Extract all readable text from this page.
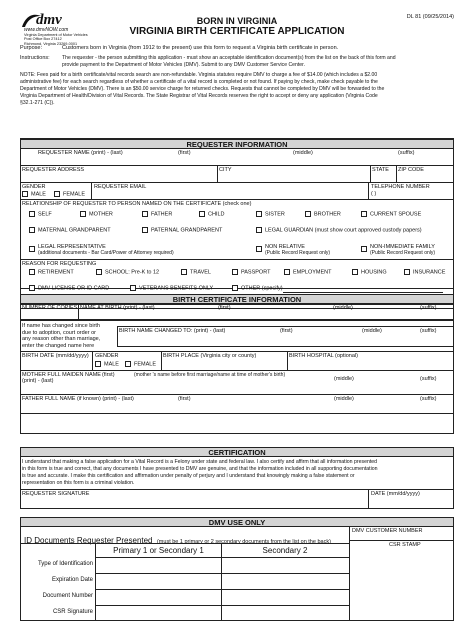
dmv
www.dmvNOW.com
Virginia Department of Motor Vehicles
Post Office Box 27412
Richmond, Virginia 23269-0001
DL 81 (09/25/2014)
BORN IN VIRGINIA
VIRGINIA BIRTH CERTIFICATE APPLICATION
Purpose:	Customers born in Virginia (from 1912 to the present) use this form to request a Virginia birth certificate in person.
Instructions: The requester - the person submitting this application - must show an acceptable identification document(s) from the list on the back of this form and
provide payment to the Department of Motor Vehicles (DMV). Submit to any DMV Customer Service Center.
NOTE: Fees paid for a birth certificate/vital records search are non-refundable. Virginia statutes require DMV to charge a fee of $14.00 (which includes a $2.00
administrative fee) for each search regardless of whether a certificate of a vital record is completed or not found. If paying by check, make check payable to the
Department of Motor Vehicles (DMV). There is an $50.00 service charge for returned checks. Requests that cannot be completed by DMV will be forwarded to the
Virginia Department of Health/Division of Vital Records. The State Registrar of Vital Records reserves the right to accept or deny any application (Virginia Code
§32.1-271 (C)).
REQUESTER INFORMATION
REQUESTER NAME (print) - (last)	(first)	(middle)	(suffix)
REQUESTER ADDRESS	CITY	STATE ZIP CODE
GENDER
MALE	FEMALE
REQUESTER EMAIL	TELEPHONE NUMBER
( )
RELATIONSHIP OF REQUESTER TO PERSON NAMED ON THE CERTIFICATE (check one)
SELF	MOTHER	FATHER	CHILD	SISTER	BROTHER	CURRENT SPOUSE
MATERNAL GRANDPARENT	PATERNAL GRANDPARENT	LEGAL GUARDIAN (must show court approved custody papers)
LEGAL REPRESENTATIVE
(additional documents - Bar Card/Power of Attorney required)
NON RELATIVE
(Public Record Request only)
NON-IMMEDIATE FAMILY
(Public Record Request only)
REASON FOR REQUESTING
RETIREMENT	SCHOOL: Pre-K to 12	TRAVEL	PASSPORT	EMPLOYMENT	HOUSING	INSURANCE
DMV LICENSE OR ID CARD	VETERANS BENEFITS ONLY	OTHER (specify)
BIRTH CERTIFICATE INFORMATION
NUMBER OF COPIES NAME AT BIRTH (print) - (last)	(first)	(middle)	(suffix)
If name has changed since birth
due to adoption, court order or
any reason other than marriage,
enter the changed name here
BIRTH NAME CHANGED TO: (print) - (last)	(first)	(middle)	(suffix)
BIRTH DATE (mm/dd/yyyy) GENDER
MALE	FEMALE
BIRTH PLACE (Virginia city or county)	BIRTH HOSPITAL (optional)
MOTHER FULL MAIDEN NAME
(print) - (last)
(first)	(mother 's name before first marriage/name at time of mother's birth)
(middle)	(suffix)
FATHER FULL NAME (if known) (print) - (last)	(first)	(middle)	(suffix)
CERTIFICATION
I understand that making a false application for a Vital Record is a Felony under state and federal law. I also certify and affirm that all information presented
in this form is true and correct, that any documents I have presented to DMV are genuine, and that the information included in all supporting documentation
is true and accurate. I make this certification and affirmation under penalty of perjury and I understand that knowingly making a false statement or
representation on this form is a criminal violation.
REQUESTER SIGNATURE	DATE (mm/dd/yyyy)
DMV USE ONLY
ID Documents Requester Presented (must be 1 primary or 2 secondary documents from the list on the back)
DMV CUSTOMER NUMBER
CSR STAMP
Primary 1 or Secondary 1	Secondary 2
Type of Identification
Expiration Date
Document Number
CSR Signature
